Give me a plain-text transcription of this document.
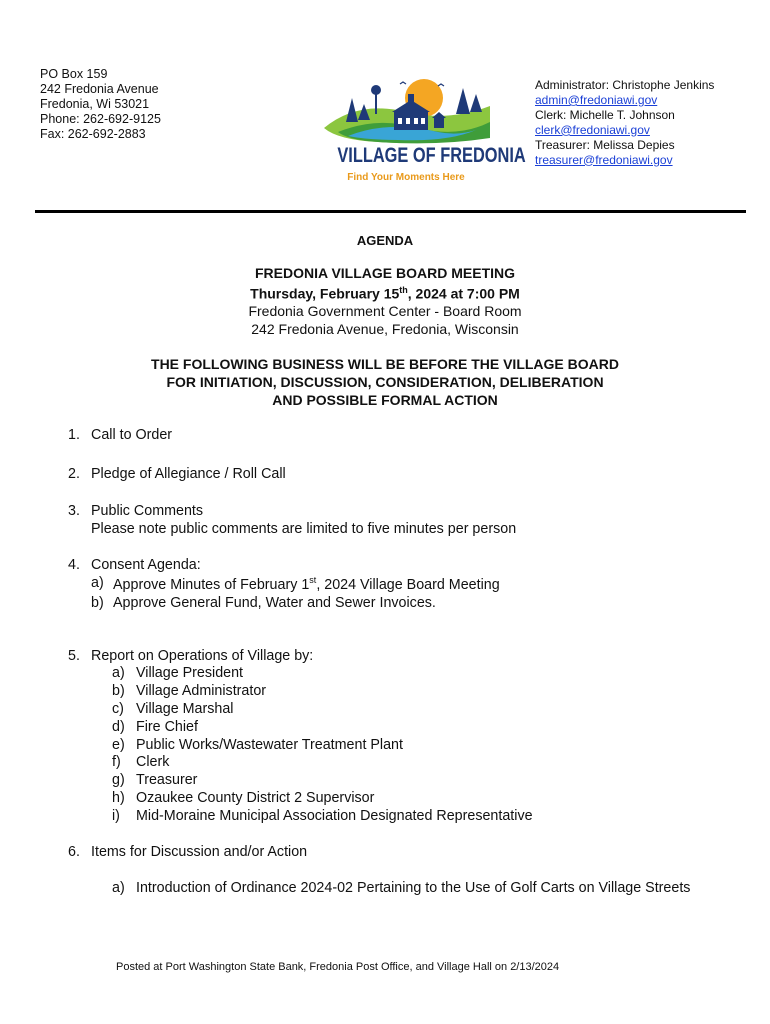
PO Box 159
242 Fredonia Avenue
Fredonia, Wi 53021
Phone: 262-692-9125
Fax: 262-692-2883
VILLAGE OF FREDONIA
Find Your Moments Here
Administrator: Christophe Jenkins
admin@fredoniawi.gov
Clerk: Michelle T. Johnson
clerk@fredoniawi.gov
Treasurer: Melissa Depies
treasurer@fredoniawi.gov
AGENDA
FREDONIA VILLAGE BOARD MEETING
Thursday, February 15th, 2024 at 7:00 PM
Fredonia Government Center - Board Room
242 Fredonia Avenue, Fredonia, Wisconsin
THE FOLLOWING BUSINESS WILL BE BEFORE THE VILLAGE BOARD
FOR INITIATION, DISCUSSION, CONSIDERATION, DELIBERATION
AND POSSIBLE FORMAL ACTION
1. Call to Order
2. Pledge of Allegiance / Roll Call
3. Public Comments
Please note public comments are limited to five minutes per person
4. Consent Agenda:
a) Approve Minutes of February 1st, 2024 Village Board Meeting
b) Approve General Fund, Water and Sewer Invoices.
5. Report on Operations of Village by:
a) Village President
b) Village Administrator
c) Village Marshal
d) Fire Chief
e) Public Works/Wastewater Treatment Plant
f) Clerk
g) Treasurer
h) Ozaukee County District 2 Supervisor
i) Mid-Moraine Municipal Association Designated Representative
6. Items for Discussion and/or Action
a) Introduction of Ordinance 2024-02 Pertaining to the Use of Golf Carts on Village Streets
Posted at Port Washington State Bank, Fredonia Post Office, and Village Hall on 2/13/2024
